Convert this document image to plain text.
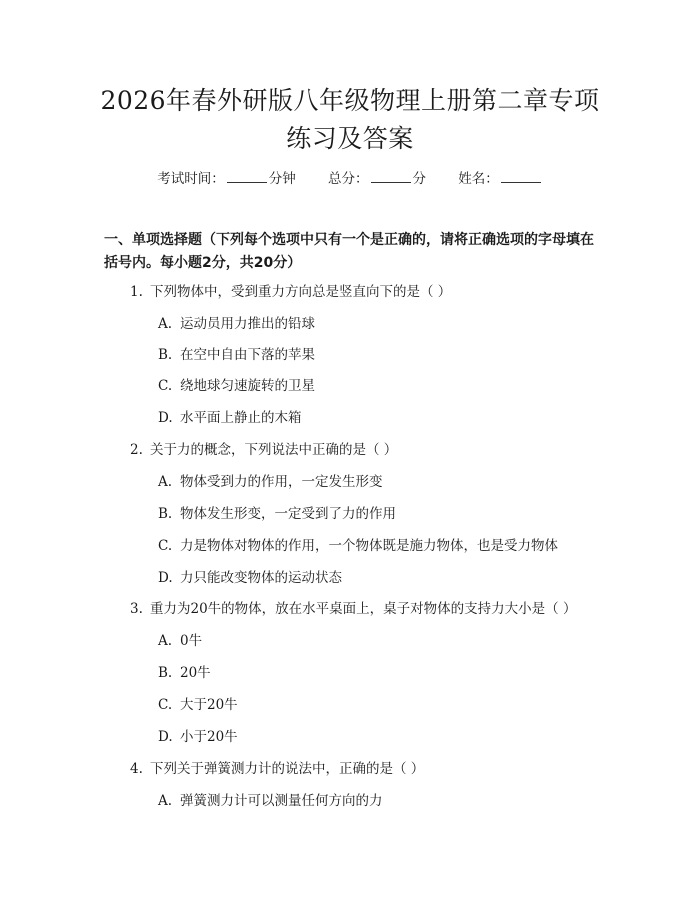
2026年春外研版八年级物理上册第二章专项
练习及答案
考试时间：	分钟 总分：	分 姓名：
一、单项选择题（下列每个选项中只有一个是正确的，请将正确选项的字母填在括号内。每小题2分，共20分）
1. 下列物体中，受到重力方向总是竖直向下的是（ ）
A. 运动员用力推出的铅球
B. 在空中自由下落的苹果
C. 绕地球匀速旋转的卫星
D. 水平面上静止的木箱
2. 关于力的概念，下列说法中正确的是（ ）
A. 物体受到力的作用，一定发生形变
B. 物体发生形变，一定受到了力的作用
C. 力是物体对物体的作用，一个物体既是施力物体，也是受力物体
D. 力只能改变物体的运动状态
3. 重力为20牛的物体，放在水平桌面上，桌子对物体的支持力大小是（ ）
A. 0牛
B. 20牛
C. 大于20牛
D. 小于20牛
4. 下列关于弹簧测力计的说法中，正确的是（ ）
A. 弹簧测力计可以测量任何方向的力
